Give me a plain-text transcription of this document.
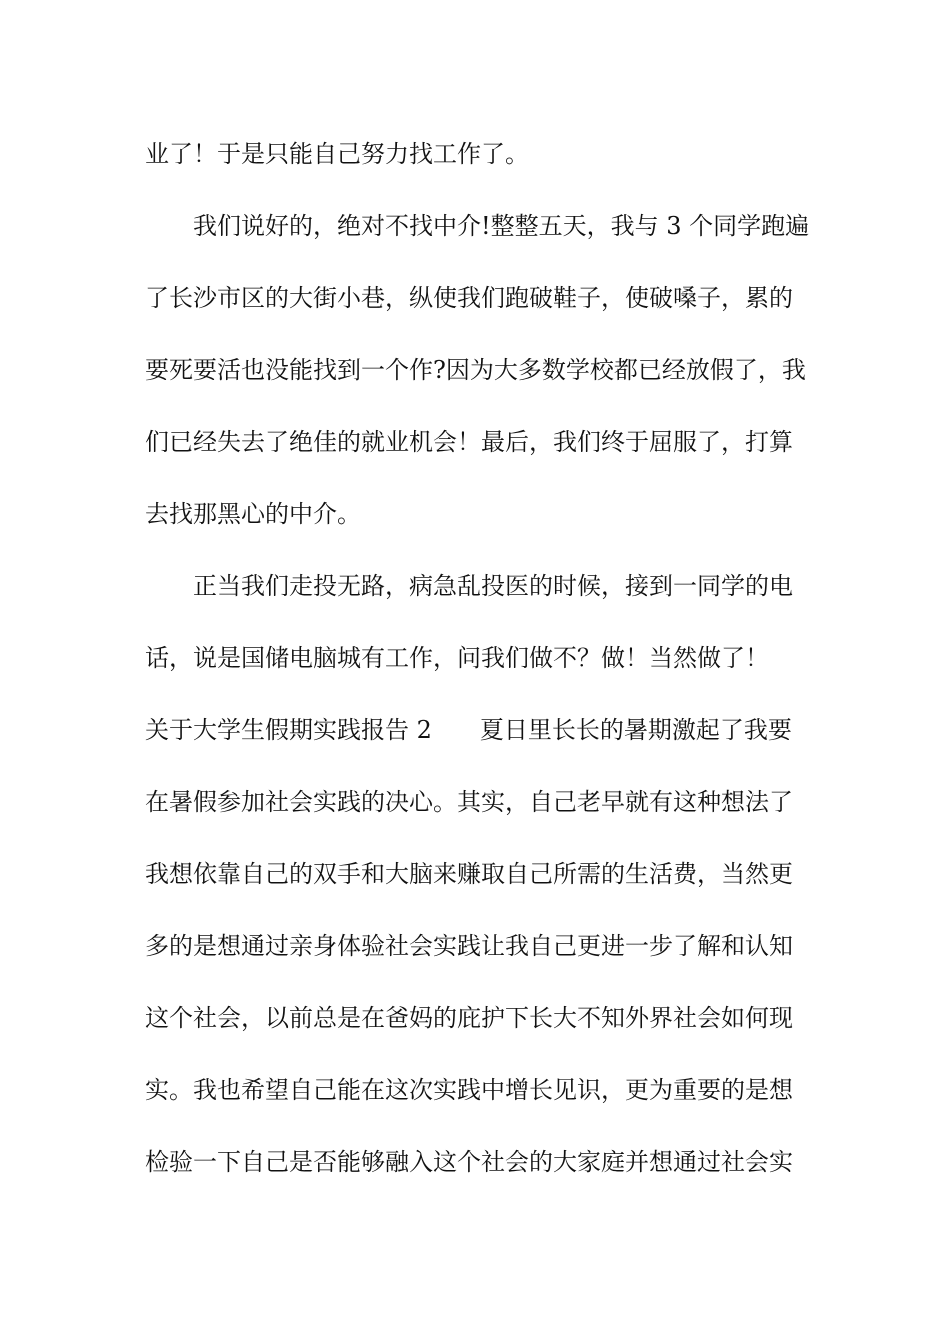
业了！于是只能自己努力找工作了。
我们说好的，绝对不找中介!整整五天，我与 3 个同学跑遍
了长沙市区的大街小巷，纵使我们跑破鞋子，使破嗓子，累的
要死要活也没能找到一个作?因为大多数学校都已经放假了，我
们已经失去了绝佳的就业机会！最后，我们终于屈服了，打算
去找那黑心的中介。
正当我们走投无路，病急乱投医的时候，接到一同学的电
话，说是国储电脑城有工作，问我们做不？做！当然做了！
关于大学生假期实践报告 2　　夏日里长长的暑期激起了我要
在暑假参加社会实践的决心。其实，自己老早就有这种想法了
我想依靠自己的双手和大脑来赚取自己所需的生活费，当然更
多的是想通过亲身体验社会实践让我自己更进一步了解和认知
这个社会，以前总是在爸妈的庇护下长大不知外界社会如何现
实。我也希望自己能在这次实践中增长见识，更为重要的是想
检验一下自己是否能够融入这个社会的大家庭并想通过社会实
